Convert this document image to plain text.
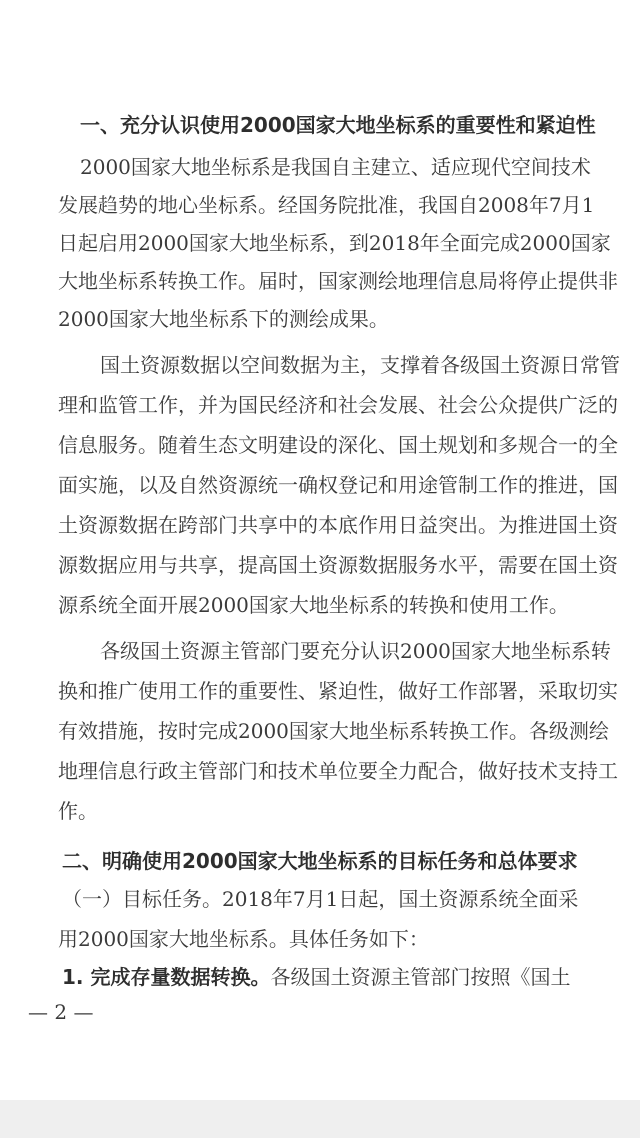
一、充分认识使用2000国家大地坐标系的重要性和紧迫性
2000国家大地坐标系是我国自主建立、适应现代空间技术
发展趋势的地心坐标系。经国务院批准，我国自2008年7月1
日起启用2000国家大地坐标系，到2018年全面完成2000国家
大地坐标系转换工作。届时，国家测绘地理信息局将停止提供非
2000国家大地坐标系下的测绘成果。
国土资源数据以空间数据为主，支撑着各级国土资源日常管
理和监管工作，并为国民经济和社会发展、社会公众提供广泛的
信息服务。随着生态文明建设的深化、国土规划和多规合一的全
面实施，以及自然资源统一确权登记和用途管制工作的推进，国
土资源数据在跨部门共享中的本底作用日益突出。为推进国土资
源数据应用与共享，提高国土资源数据服务水平，需要在国土资
源系统全面开展2000国家大地坐标系的转换和使用工作。
各级国土资源主管部门要充分认识2000国家大地坐标系转
换和推广使用工作的重要性、紧迫性，做好工作部署，采取切实
有效措施，按时完成2000国家大地坐标系转换工作。各级测绘
地理信息行政主管部门和技术单位要全力配合，做好技术支持工
作。
二、明确使用2000国家大地坐标系的目标任务和总体要求
（一）目标任务。2018年7月1日起，国土资源系统全面采
用2000国家大地坐标系。具体任务如下：
1. 完成存量数据转换。各级国土资源主管部门按照《国土
— 2 —
